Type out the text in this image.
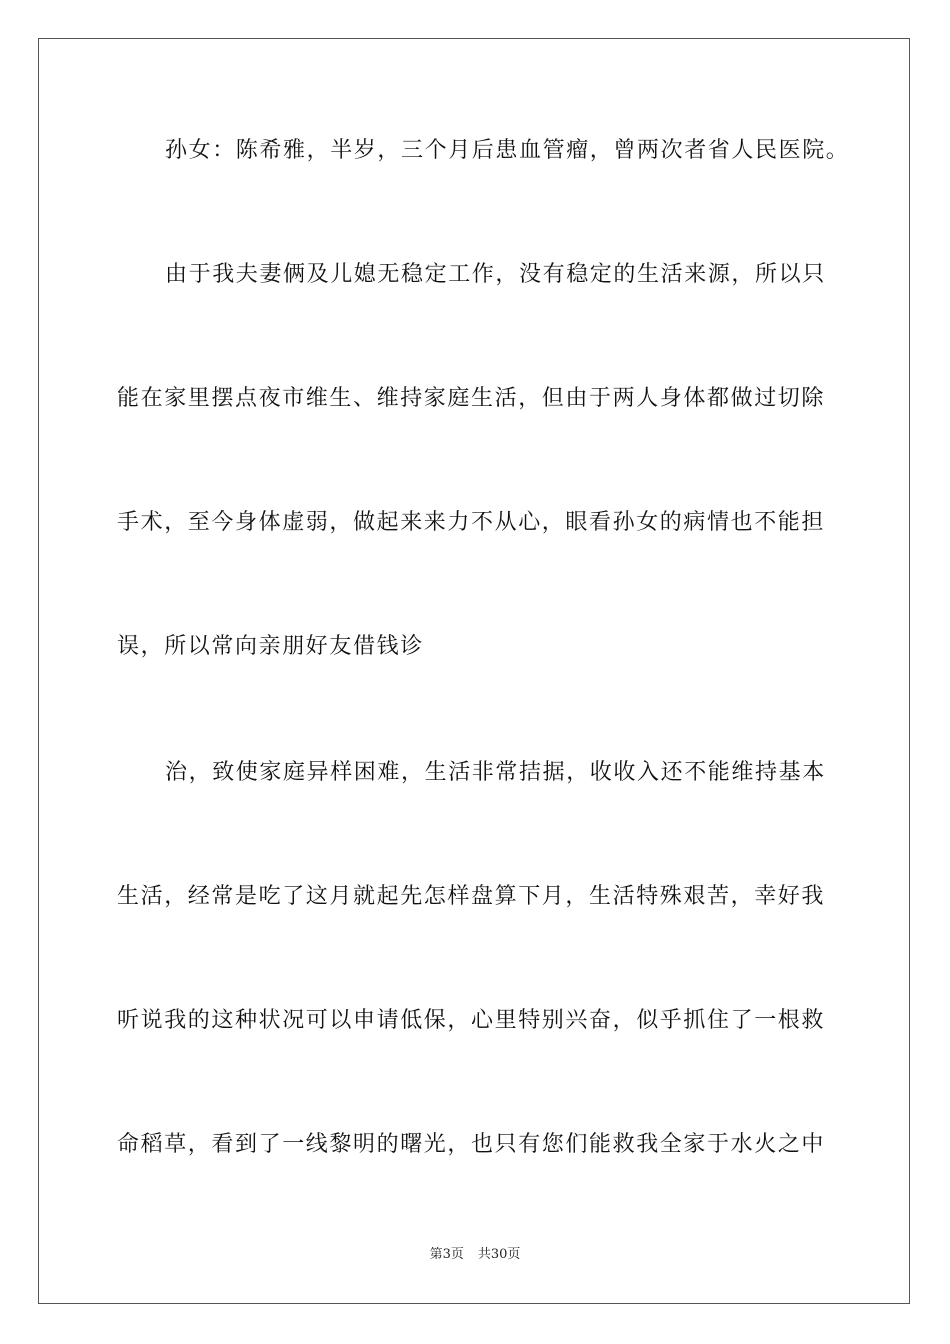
孙女：陈希雅，半岁，三个月后患血管瘤，曾两次者省人民医院。
由于我夫妻俩及儿媳无稳定工作，没有稳定的生活来源，所以只
能在家里摆点夜市维生、维持家庭生活，但由于两人身体都做过切除
手术，至今身体虚弱，做起来来力不从心，眼看孙女的病情也不能担
误，所以常向亲朋好友借钱诊
治，致使家庭异样困难，生活非常拮据，收收入还不能维持基本
生活，经常是吃了这月就起先怎样盘算下月，生活特殊艰苦，幸好我
听说我的这种状况可以申请低保，心里特别兴奋，似乎抓住了一根救
命稻草，看到了一线黎明的曙光，也只有您们能救我全家于水火之中
第3页 共30页
